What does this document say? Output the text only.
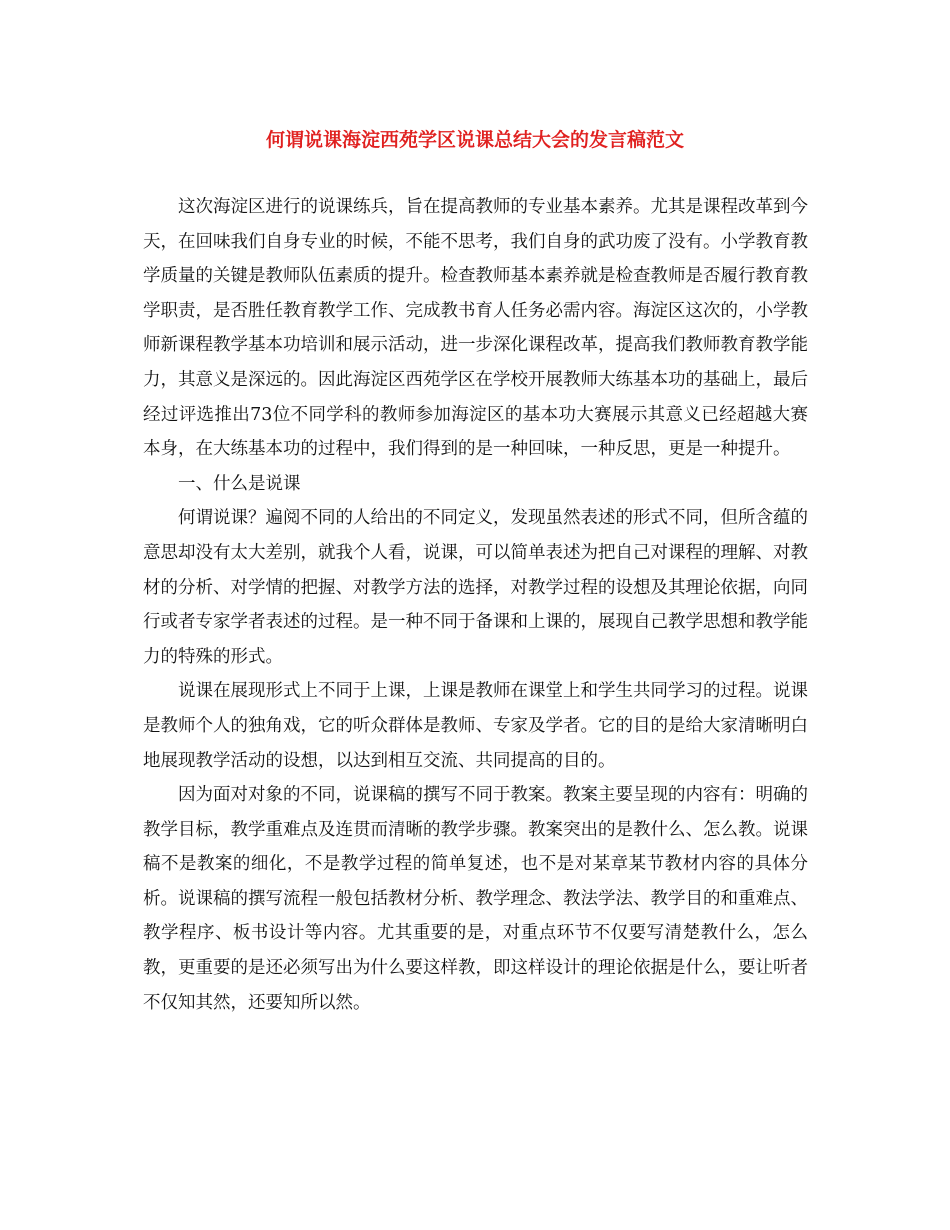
何谓说课海淀西苑学区说课总结大会的发言稿范文

这次海淀区进行的说课练兵，旨在提高教师的专业基本素养。尤其是课程改革到今天，在回味我们自身专业的时候，不能不思考，我们自身的武功废了没有。小学教育教学质量的关键是教师队伍素质的提升。检查教师基本素养就是检查教师是否履行教育教学职责，是否胜任教育教学工作、完成教书育人任务必需内容。海淀区这次的，小学教师新课程教学基本功培训和展示活动，进一步深化课程改革，提高我们教师教育教学能力，其意义是深远的。因此海淀区西苑学区在学校开展教师大练基本功的基础上，最后经过评选推出73位不同学科的教师参加海淀区的基本功大赛展示其意义已经超越大赛本身，在大练基本功的过程中，我们得到的是一种回味，一种反思，更是一种提升。

一、什么是说课

何谓说课？遍阅不同的人给出的不同定义，发现虽然表述的形式不同，但所含蕴的意思却没有太大差别，就我个人看，说课，可以简单表述为把自己对课程的理解、对教材的分析、对学情的把握、对教学方法的选择，对教学过程的设想及其理论依据，向同行或者专家学者表述的过程。是一种不同于备课和上课的，展现自己教学思想和教学能力的特殊的形式。

说课在展现形式上不同于上课，上课是教师在课堂上和学生共同学习的过程。说课是教师个人的独角戏，它的听众群体是教师、专家及学者。它的目的是给大家清晰明白地展现教学活动的设想，以达到相互交流、共同提高的目的。

因为面对对象的不同，说课稿的撰写不同于教案。教案主要呈现的内容有：明确的教学目标，教学重难点及连贯而清晰的教学步骤。教案突出的是教什么、怎么教。说课稿不是教案的细化，不是教学过程的简单复述，也不是对某章某节教材内容的具体分析。说课稿的撰写流程一般包括教材分析、教学理念、教法学法、教学目的和重难点、教学程序、板书设计等内容。尤其重要的是，对重点环节不仅要写清楚教什么，怎么教，更重要的是还必须写出为什么要这样教，即这样设计的理论依据是什么，要让听者不仅知其然，还要知所以然。
